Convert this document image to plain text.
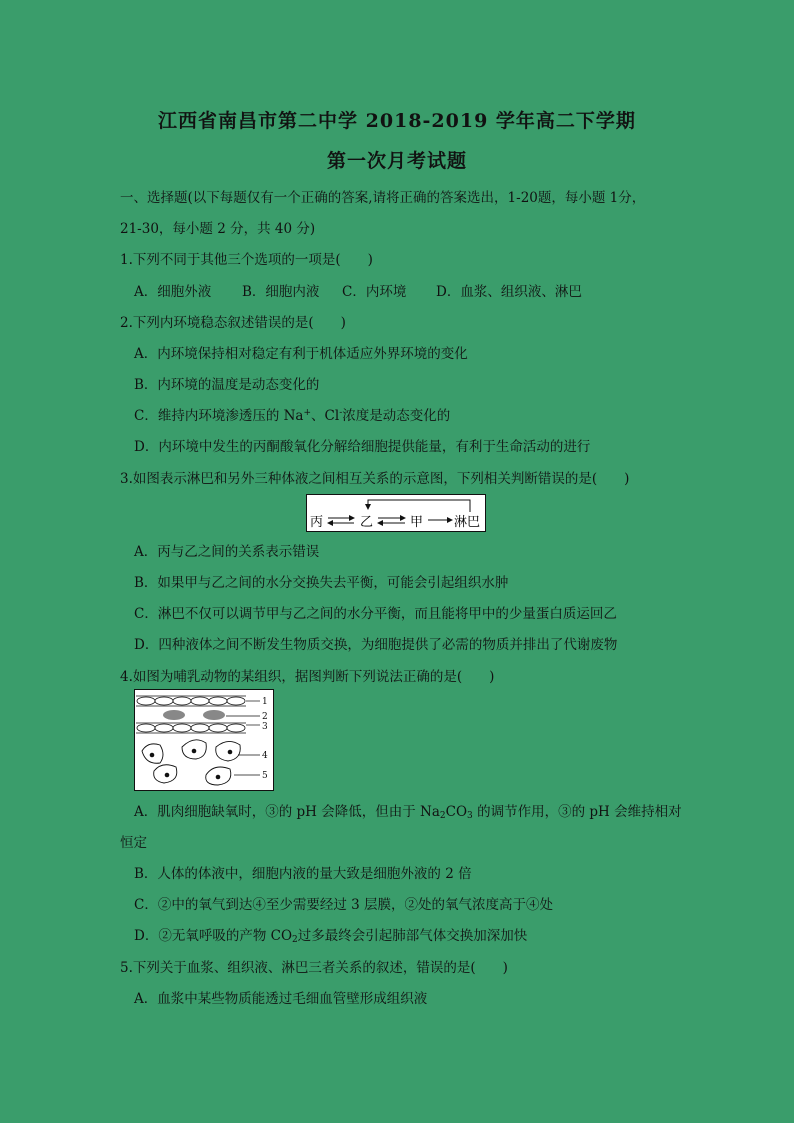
江西省南昌市第二中学 2018-2019 学年高二下学期
第一次月考试题
一、选择题(以下每题仅有一个正确的答案,请将正确的答案选出，1-20题，每小题 1分，
21-30，每小题 2 分，共 40 分)
1.下列不同于其他三个选项的一项是(　　)
A．细胞外液 B．细胞内液 C．内环境 D．血浆、组织液、淋巴
2.下列内环境稳态叙述错误的是(　　)
A．内环境保持相对稳定有利于机体适应外界环境的变化
B．内环境的温度是动态变化的
C．维持内环境渗透压的 Na+、Cl-浓度是动态变化的
D．内环境中发生的丙酮酸氧化分解给细胞提供能量，有利于生命活动的进行
3.如图表示淋巴和另外三种体液之间相互关系的示意图，下列相关判断错误的是(　　)
丙	乙	甲 淋巴
A．丙与乙之间的关系表示错误
B．如果甲与乙之间的水分交换失去平衡，可能会引起组织水肿
C．淋巴不仅可以调节甲与乙之间的水分平衡，而且能将甲中的少量蛋白质运回乙
D．四种液体之间不断发生物质交换，为细胞提供了必需的物质并排出了代谢废物
4.如图为哺乳动物的某组织，据图判断下列说法正确的是(　　)
1
2
3
4
5
A．肌肉细胞缺氧时，③的 pH 会降低，但由于 $Na_2CO_3$ 的调节作用，③的 pH 会维持相对
恒定
B．人体的体液中，细胞内液的量大致是细胞外液的 2 倍
C．②中的氧气到达④至少需要经过 3 层膜，②处的氧气浓度高于④处
D．②无氧呼吸的产物 $CO_2$过多最终会引起肺部气体交换加深加快
5.下列关于血浆、组织液、淋巴三者关系的叙述，错误的是(　　)
A．血浆中某些物质能透过毛细血管壁形成组织液
